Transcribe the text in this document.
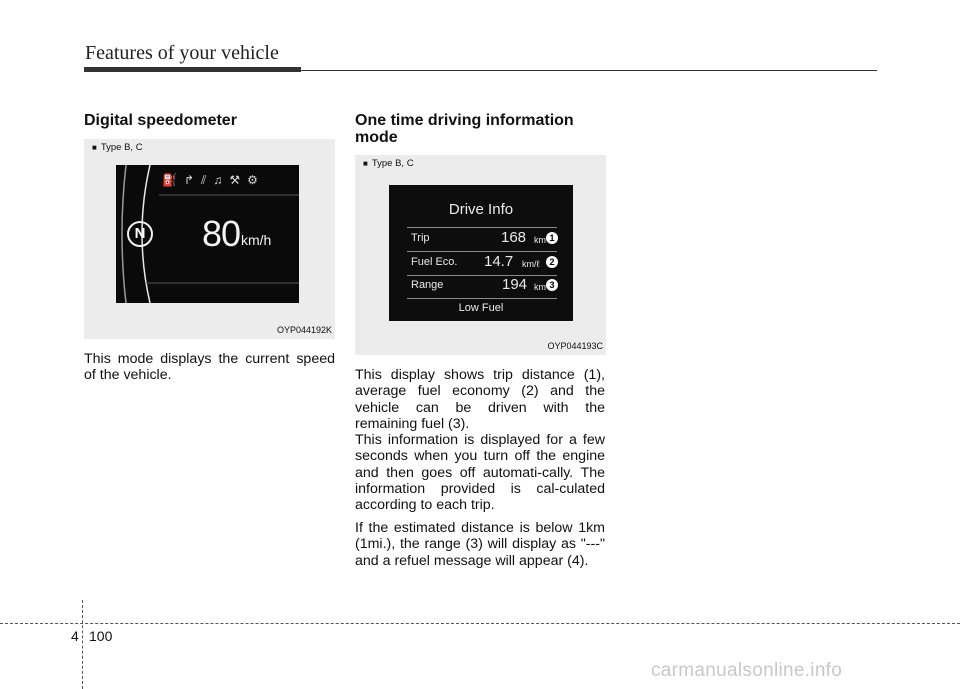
Features of your vehicle
Digital speedometer
■ Type B, C
OYP044192K
⛽ ↱ ⫽ ♫ ⚒ ⚙
N 80 km/h

This mode displays the current speed of the vehicle.

One time driving information mode
■ Type B, C
OYP044193C
Drive Info
Trip	168 km 1
Fuel Eco. 14.7 km/ℓ	2
Range	194 km 3
Low Fuel

This display shows trip distance (1), average fuel economy (2) and the vehicle can be driven with the remaining fuel (3).

This information is displayed for a few seconds when you turn off the engine and then goes off automati-cally. The information provided is cal-culated according to each trip.

If the estimated distance is below 1km (1mi.), the range (3) will display as "---" and a refuel message will appear (4).

4 100
carmanualsonline.info
